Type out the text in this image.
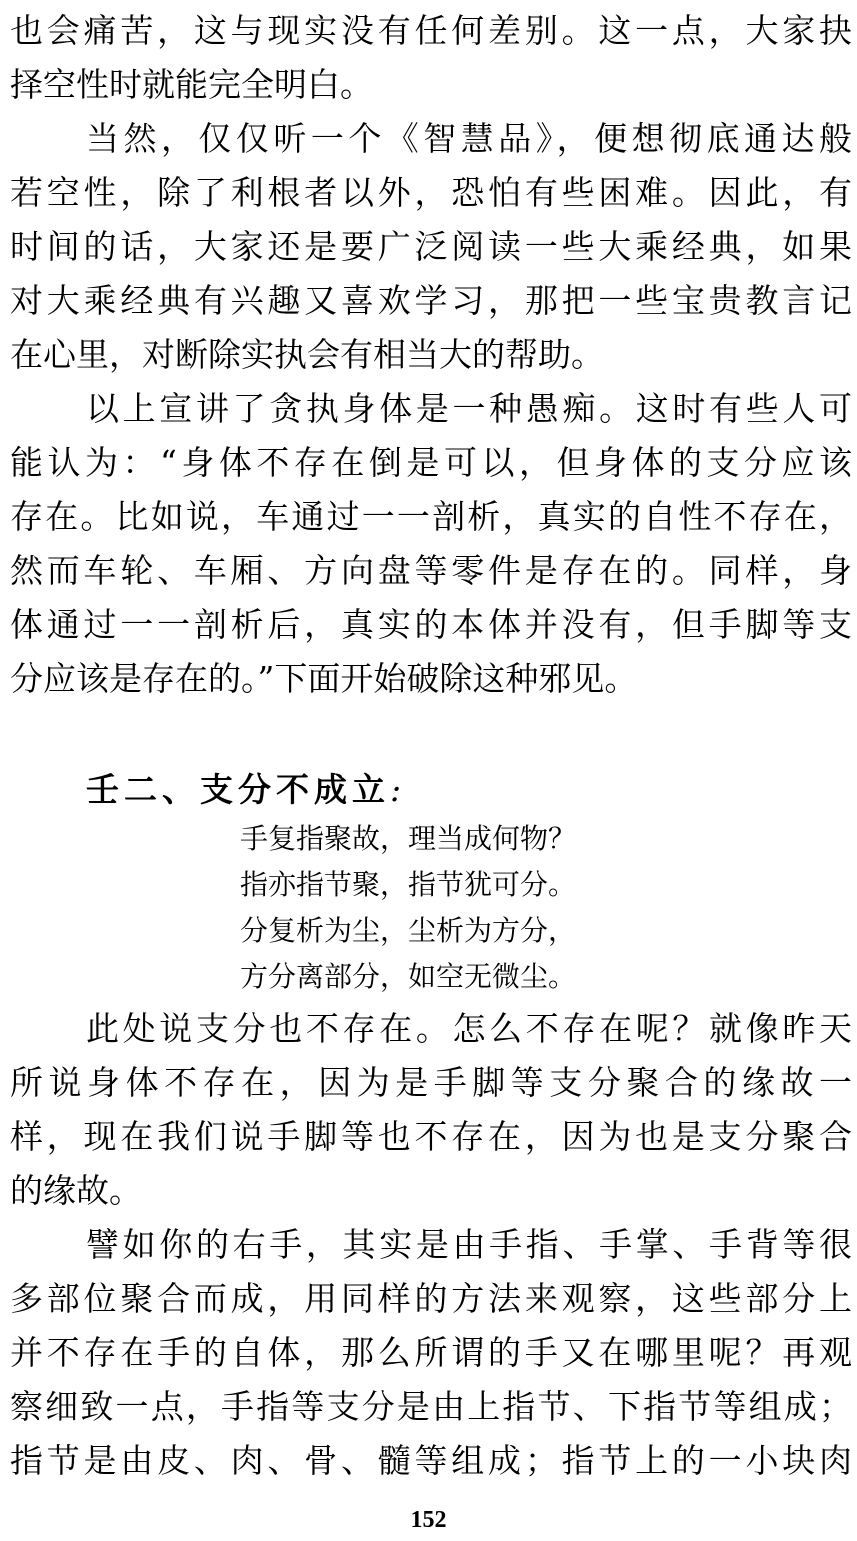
也会痛苦，这与现实没有任何差别。这一点，大家抉
择空性时就能完全明白。
当然，仅仅听一个《智慧品》，便想彻底通达般
若空性，除了利根者以外，恐怕有些困难。因此，有
时间的话，大家还是要广泛阅读一些大乘经典，如果
对大乘经典有兴趣又喜欢学习，那把一些宝贵教言记
在心里，对断除实执会有相当大的帮助。
以上宣讲了贪执身体是一种愚痴。这时有些人可
能认为：“身体不存在倒是可以，但身体的支分应该
存在。比如说，车通过一一剖析，真实的自性不存在，
然而车轮、车厢、方向盘等零件是存在的。同样，身
体通过一一剖析后，真实的本体并没有，但手脚等支
分应该是存在的。”下面开始破除这种邪见。
壬二、支分不成立:
手复指聚故，理当成何物？
指亦指节聚，指节犹可分。
分复析为尘，尘析为方分，
方分离部分，如空无微尘。
此处说支分也不存在。怎么不存在呢？就像昨天
所说身体不存在，因为是手脚等支分聚合的缘故一
样，现在我们说手脚等也不存在，因为也是支分聚合
的缘故。
譬如你的右手，其实是由手指、手掌、手背等很
多部位聚合而成，用同样的方法来观察，这些部分上
并不存在手的自体，那么所谓的手又在哪里呢？再观
察细致一点，手指等支分是由上指节、下指节等组成；
指节是由皮、肉、骨、髓等组成；指节上的一小块肉
152
